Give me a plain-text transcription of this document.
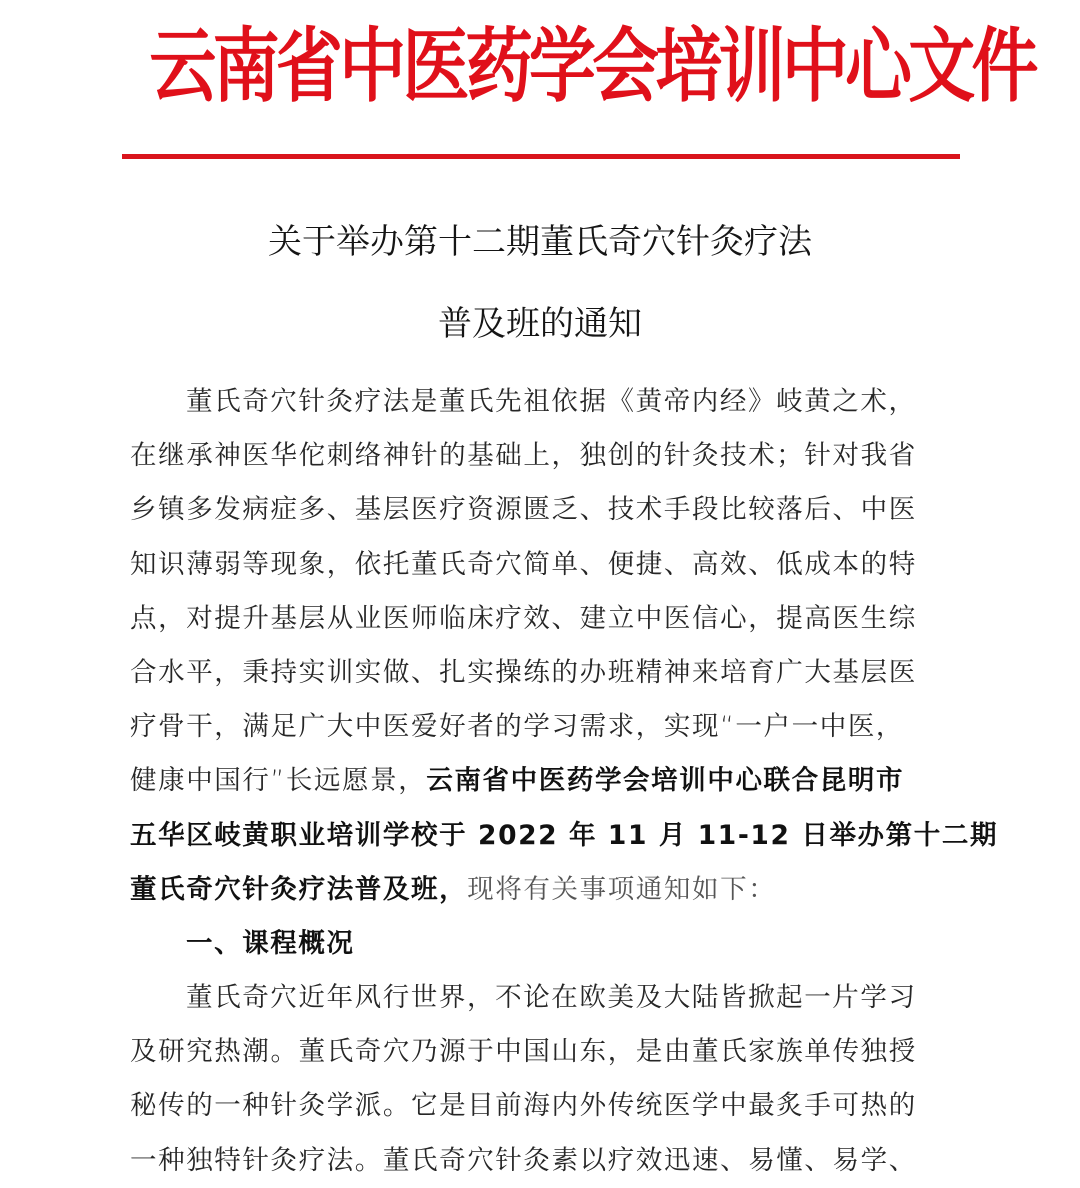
云南省中医药学会培训中心文件
关于举办第十二期董氏奇穴针灸疗法
普及班的通知
董氏奇穴针灸疗法是董氏先祖依据《黄帝内经》岐黄之术，
在继承神医华佗刺络神针的基础上，独创的针灸技术；针对我省
乡镇多发病症多、基层医疗资源匮乏、技术手段比较落后、中医
知识薄弱等现象，依托董氏奇穴简单、便捷、高效、低成本的特
点，对提升基层从业医师临床疗效、建立中医信心，提高医生综
合水平，秉持实训实做、扎实操练的办班精神来培育广大基层医
疗骨干，满足广大中医爱好者的学习需求，实现“一户一中医，
健康中国行”长远愿景，云南省中医药学会培训中心联合昆明市
五华区岐黄职业培训学校于 2022 年 11 月 11-12 日举办第十二期
董氏奇穴针灸疗法普及班，现将有关事项通知如下：
一、课程概况
董氏奇穴近年风行世界，不论在欧美及大陆皆掀起一片学习
及研究热潮。董氏奇穴乃源于中国山东，是由董氏家族单传独授
秘传的一种针灸学派。它是目前海内外传统医学中最炙手可热的
一种独特针灸疗法。董氏奇穴针灸素以疗效迅速、易懂、易学、
